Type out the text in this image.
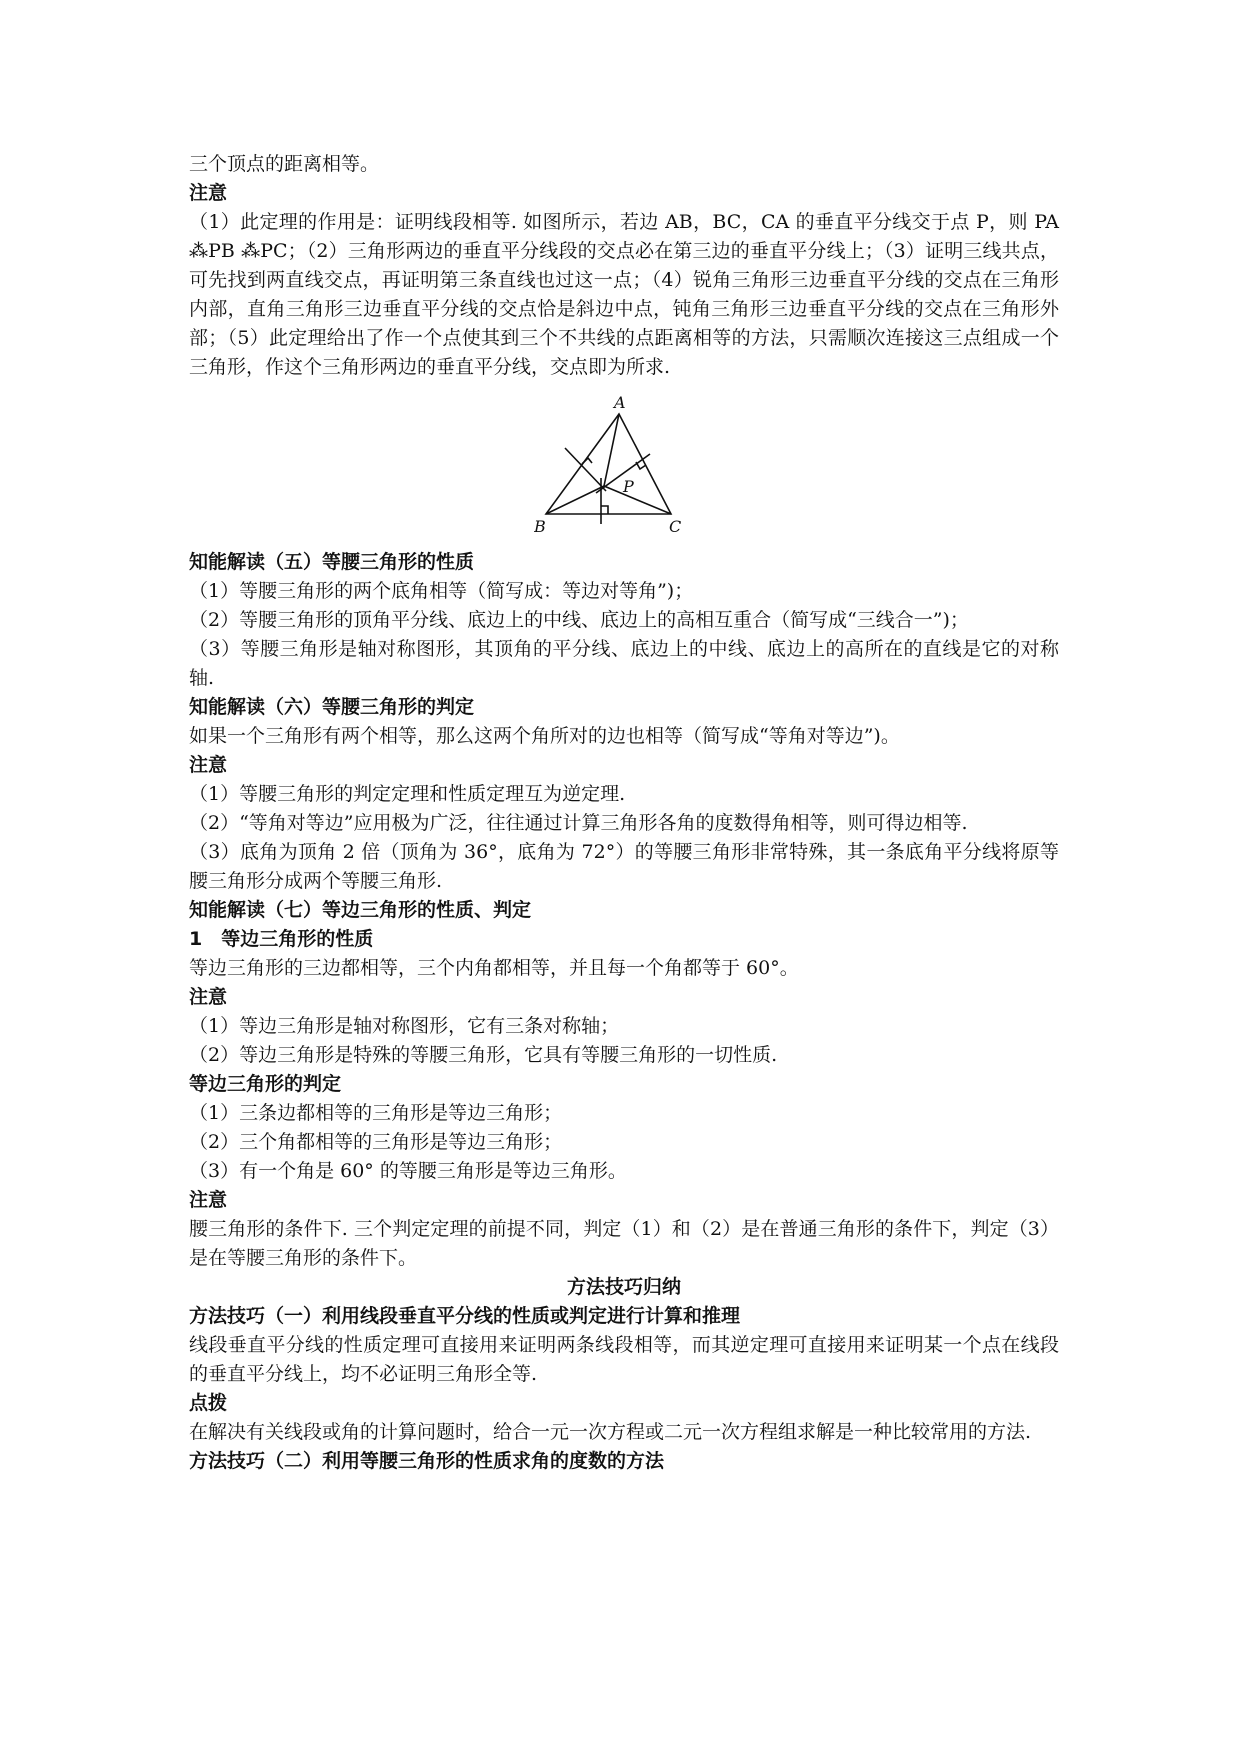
三个顶点的距离相等。

注意

（1）此定理的作用是：证明线段相等. 如图所示，若边 AB，BC，CA 的垂直平分线交于点 P，则 PA ⁂PB ⁂PC；（2）三角形两边的垂直平分线段的交点必在第三边的垂直平分线上；（3）证明三线共点，可先找到两直线交点，再证明第三条直线也过这一点；（4）锐角三角形三边垂直平分线的交点在三角形内部，直角三角形三边垂直平分线的交点恰是斜边中点，钝角三角形三边垂直平分线的交点在三角形外部；（5）此定理给出了作一个点使其到三个不共线的点距离相等的方法，只需顺次连接这三点组成一个三角形，作这个三角形两边的垂直平分线，交点即为所求.

A
B	C
P

知能解读（五）等腰三角形的性质

（1）等腰三角形的两个底角相等（简写成：等边对等角”)；

（2）等腰三角形的顶角平分线、底边上的中线、底边上的高相互重合（简写成“三线合一”)；

（3）等腰三角形是轴对称图形，其顶角的平分线、底边上的中线、底边上的高所在的直线是它的对称轴.

知能解读（六）等腰三角形的判定

如果一个三角形有两个相等，那么这两个角所对的边也相等（简写成“等角对等边”)。

注意

（1）等腰三角形的判定定理和性质定理互为逆定理.

（2）“等角对等边”应用极为广泛，往往通过计算三角形各角的度数得角相等，则可得边相等.

（3）底角为顶角 2 倍（顶角为 36°，底角为 72°）的等腰三角形非常特殊，其一条底角平分线将原等腰三角形分成两个等腰三角形.

知能解读（七）等边三角形的性质、判定

1　等边三角形的性质

等边三角形的三边都相等，三个内角都相等，并且每一个角都等于 60°。

注意

（1）等边三角形是轴对称图形，它有三条对称轴；

（2）等边三角形是特殊的等腰三角形，它具有等腰三角形的一切性质.

等边三角形的判定

（1）三条边都相等的三角形是等边三角形；

（2）三个角都相等的三角形是等边三角形；

（3）有一个角是 60° 的等腰三角形是等边三角形。

注意

腰三角形的条件下. 三个判定定理的前提不同，判定（1）和（2）是在普通三角形的条件下，判定（3）是在等腰三角形的条件下。

方法技巧归纳

方法技巧（一）利用线段垂直平分线的性质或判定进行计算和推理

线段垂直平分线的性质定理可直接用来证明两条线段相等，而其逆定理可直接用来证明某一个点在线段的垂直平分线上，均不必证明三角形全等.

点拨

在解决有关线段或角的计算问题时，给合一元一次方程或二元一次方程组求解是一种比较常用的方法.

方法技巧（二）利用等腰三角形的性质求角的度数的方法
